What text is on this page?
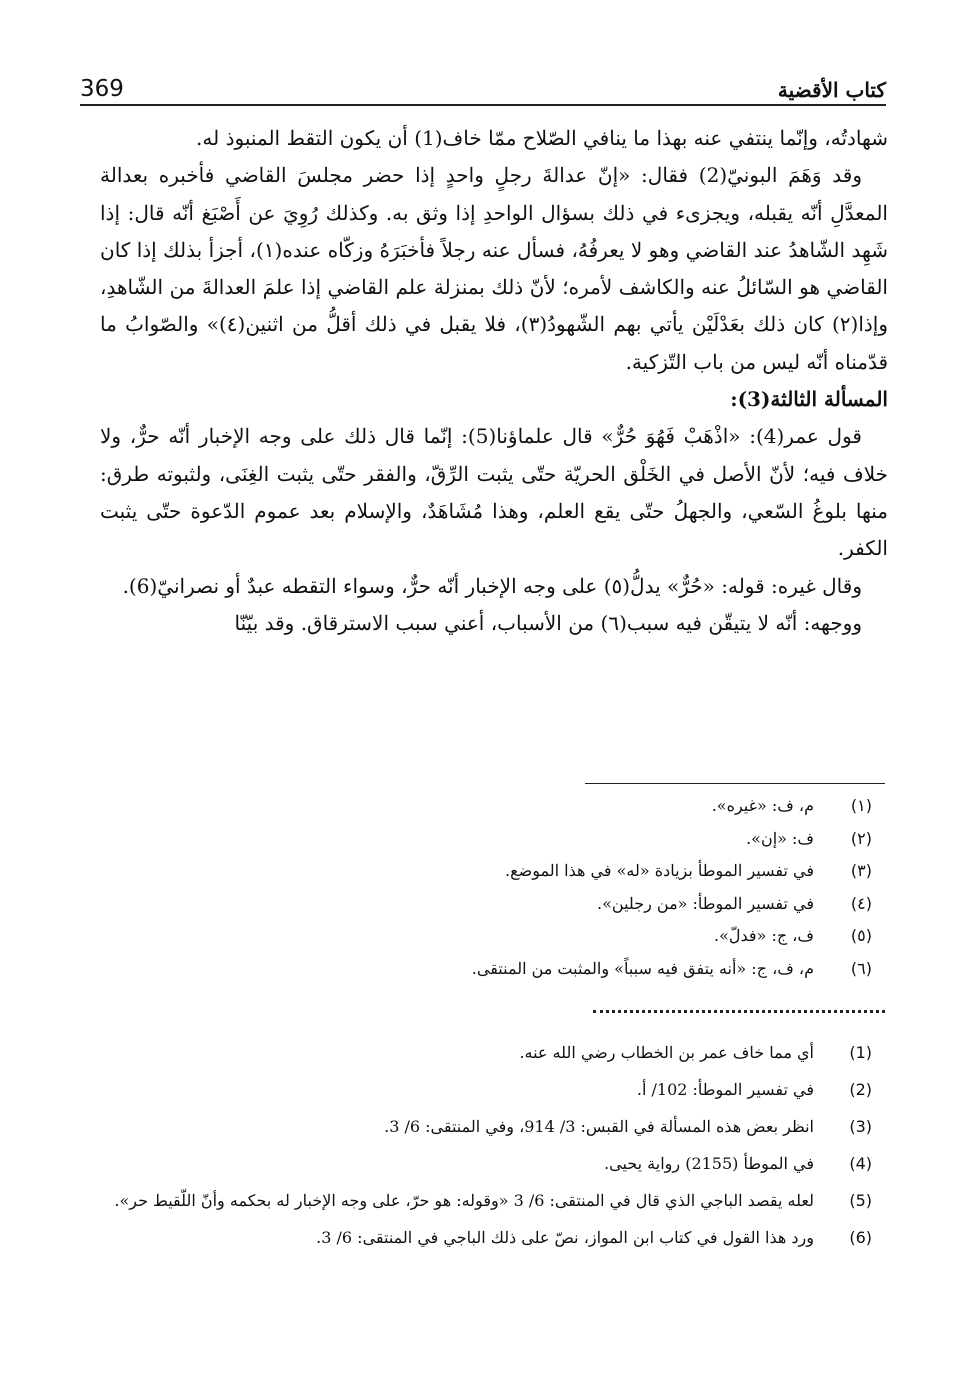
369	كتاب الأقضية

شهادتُه، وإنّما ينتفي عنه بهذا ما ينافي الصّلاح ممّا خاف(1) أن يكون التقط المنبوذ له.

وقد وَهَمَ البونيّ(2) فقال: «إنّ عدالةَ رجلٍ واحدٍ إذا حضر مجلسَ القاضي فأخبره بعدالة المعدَّلِ أنّه يقبله، ويجزىء في ذلك بسؤال الواحدِ إذا وثق به. وكذلك رُوِيَ عن أَصْبَغ أنّه قال: إذا شَهِد الشّاهدُ عند القاضي وهو لا يعرفُهُ، فسأل عنه رجلاً فأخبَرَهُ وزكّاه عنده(١)، أجزأ بذلك إذا كان القاضي هو السّائلُ عنه والكاشف لأمره؛ لأنّ ذلك بمنزلة علم القاضي إذا علمَ العدالةَ من الشّاهدِ، وإذا(٢) كان ذلك بعَدْلَيْن يأتي بهم الشّهودُ(٣)، فلا يقبل في ذلك أقلُّ من اثنين(٤)» والصّوابُ ما قدّمناه أنّه ليس من باب التّزكية.

المسألة الثالثة(3):

قول عمر(4): «اذْهَبْ فَهُوَ حُرٌّ» قال علماؤنا(5): إنّما قال ذلك على وجه الإخبار أنّه حرٌّ، ولا خلاف فيه؛ لأنّ الأصل في الخَلْق الحريّة حتّى يثبت الرِّقّ، والفقر حتّى يثبت الغِنَى، ولثبوته طرق: منها بلوغُ السّعي، والجهلُ حتّى يقع العلم، وهذا مُشَاهَدٌ، والإسلام بعد عموم الدّعوة حتّى يثبت الكفر.

وقال غيره: قوله: «حُرٌّ» يدلُّ(٥) على وجه الإخبار أنّه حرٌّ، وسواء التقطه عبدٌ أو نصرانيّ(6).

ووجهه: أنّه لا يتيقّن فيه سبب(٦) من الأسباب، أعني سبب الاسترقاق. وقد بيّنّا

(١)
م، ف: «غيره».
(٢)
ف: «إن».
(٣)
في تفسير الموطأ بزيادة «له» في هذا الموضع.
(٤)
في تفسير الموطأ: «من رجلين».
(٥)
ف، ج: «فدلّ».
(٦)
م، ف، ج: «أنه يتفق فيه سبباً» والمثبت من المنتقى.
(1)
أي مما خاف عمر بن الخطاب رضي الله عنه.
(2)
في تفسير الموطأ: 102/ أ.
(3)
انظر بعض هذه المسألة في القبس: 3/ 914، وفي المنتقى: 6/ 3.
(4)
في الموطأ (2155) رواية يحيى.
(5)
لعله يقصد الباجي الذي قال في المنتقى: 6/ 3 «وقوله: هو حرّ، على وجه الإخبار له بحكمه وأنّ اللّقيط حر».
(6)
ورد هذا القول في كتاب ابن المواز، نصّ على ذلك الباجي في المنتقى: 6/ 3.
